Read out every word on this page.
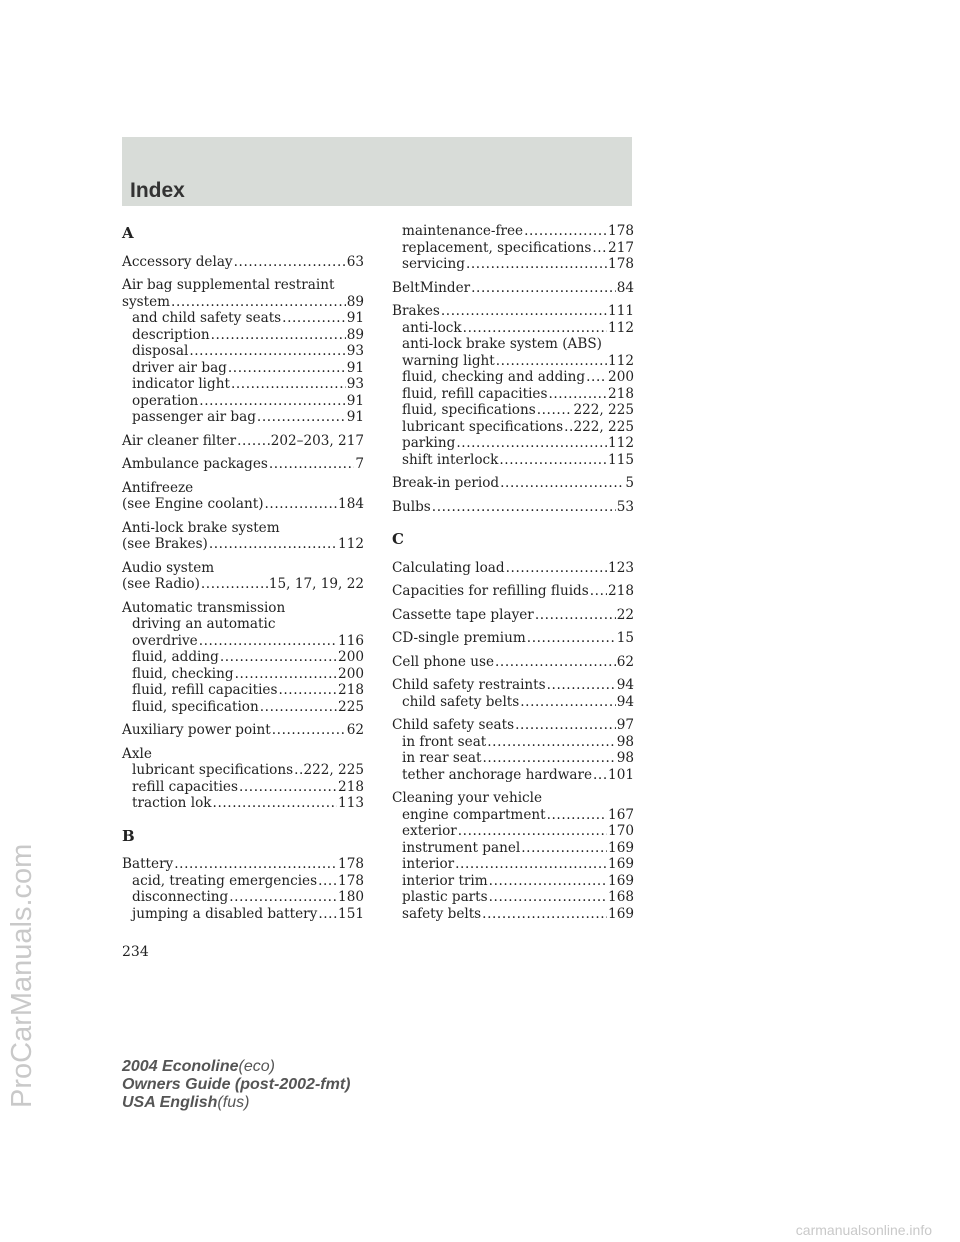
Index
A
Accessory delay .....	63
Air bag supplemental restraint
system .....	89
and child safety seats .....	91
description .....	89
disposal .....	93
driver air bag .....	91
indicator light .....	93
operation .....	91
passenger air bag .....	91
Air cleaner filter .....	202–203, 217
Ambulance packages .....	7
Antifreeze
(see Engine coolant) .....	184
Anti-lock brake system
(see Brakes) .....	112
Audio system
(see Radio) .....	15, 17, 19, 22
Automatic transmission
driving an automatic
overdrive .....	116
fluid, adding .....	200
fluid, checking .....	200
fluid, refill capacities .....	218
fluid, specification .....	225
Auxiliary power point .....	62
Axle
lubricant specifications ..... 222, 225
refill capacities .....	218
traction lok .....	113
B
Battery .....	178
acid, treating emergencies ..... 178
disconnecting .....	180
jumping a disabled battery ..... 151
maintenance-free .....	178
replacement, specifications ..... 217
servicing .....	178
BeltMinder .....	84
Brakes .....	111
anti-lock .....	112
anti-lock brake system (ABS)
warning light .....	112
fluid, checking and adding ..... 200
fluid, refill capacities .....	218
fluid, specifications .....	222, 225
lubricant specifications ..... 222, 225
parking .....	112
shift interlock .....	115
Break-in period .....	5
Bulbs .....	53
C
Calculating load .....	123
Capacities for refilling fluids ..... 218
Cassette tape player .....	22
CD-single premium .....	15
Cell phone use .....	62
Child safety restraints .....	94
child safety belts .....	94
Child safety seats .....	97
in front seat .....	98
in rear seat .....	98
tether anchorage hardware ..... 101
Cleaning your vehicle
engine compartment .....	167
exterior .....	170
instrument panel .....	169
interior .....	169
interior trim .....	169
plastic parts .....	168
safety belts .....	169
234
2004 Econoline(eco)
Owners Guide (post-2002-fmt)
USA English(fus)
ProCarManuals.com
carmanualsonline.info
